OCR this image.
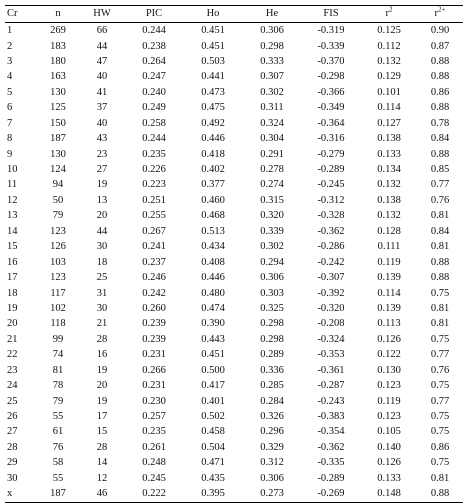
Cr	n	HW	PIC	Ho	He	FIS	$r^2$	$r^{2+}$
1	269	66	0.244	0.451	0.306	-0.319	0.125	0.90
2	183	44	0.238	0.451	0.298	-0.339	0.112	0.87
3	180	47	0.264	0.503	0.333	-0.370	0.132	0.88
4	163	40	0.247	0.441	0.307	-0.298	0.129	0.88
5	130	41	0.240	0.473	0.302	-0.366	0.101	0.86
6	125	37	0.249	0.475	0.311	-0.349	0.114	0.88
7	150	40	0.258	0.492	0.324	-0.364	0.127	0.78
8	187	43	0.244	0.446	0.304	-0.316	0.138	0.84
9	130	23	0.235	0.418	0.291	-0.279	0.133	0.88
10	124	27	0.226	0.402	0.278	-0.289	0.134	0.85
11	94	19	0.223	0.377	0.274	-0.245	0.132	0.77
12	50	13	0.251	0.460	0.315	-0.312	0.138	0.76
13	79	20	0.255	0.468	0.320	-0.328	0.132	0.81
14	123	44	0.267	0.513	0.339	-0.362	0.128	0.84
15	126	30	0.241	0.434	0.302	-0.286	0.111	0.81
16	103	18	0.237	0.408	0.294	-0.242	0.119	0.88
17	123	25	0.246	0.446	0.306	-0.307	0.139	0.88
18	117	31	0.242	0.480	0.303	-0.392	0.114	0.75
19	102	30	0.260	0.474	0.325	-0.320	0.139	0.81
20	118	21	0.239	0.390	0.298	-0.208	0.113	0.81
21	99	28	0.239	0.443	0.298	-0.324	0.126	0.75
22	74	16	0.231	0.451	0.289	-0.353	0.122	0.77
23	81	19	0.266	0.500	0.336	-0.361	0.130	0.76
24	78	20	0.231	0.417	0.285	-0.287	0.123	0.75
25	79	19	0.230	0.401	0.284	-0.243	0.119	0.77
26	55	17	0.257	0.502	0.326	-0.383	0.123	0.75
27	61	15	0.235	0.458	0.296	-0.354	0.105	0.75
28	76	28	0.261	0.504	0.329	-0.362	0.140	0.86
29	58	14	0.248	0.471	0.312	-0.335	0.126	0.75
30	55	12	0.245	0.435	0.306	-0.289	0.133	0.81
x	187	46	0.222	0.395	0.273	-0.269	0.148	0.88
